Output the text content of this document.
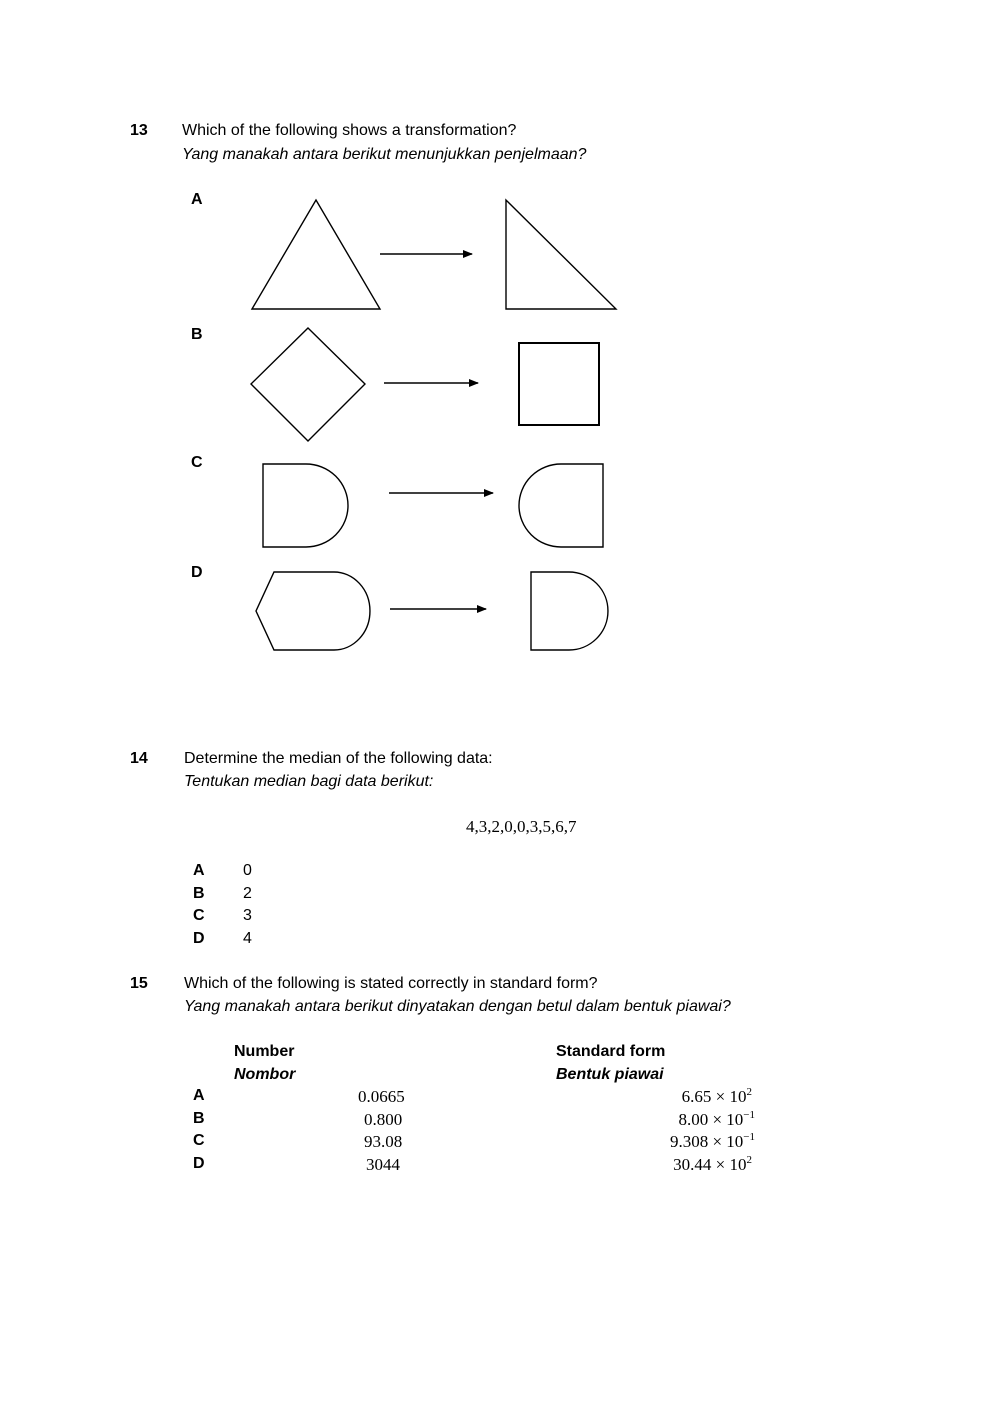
13 Which of the following shows a transformation?
Yang manakah antara berikut menunjukkan penjelmaan?
A
B
C
D
14 Determine the median of the following data:
Tentukan median bagi data berikut:
4,3,2,0,0,3,5,6,7
A 0
B 2
C 3
D 4
15 Which of the following is stated correctly in standard form?
Yang manakah antara berikut dinyatakan dengan betul dalam bentuk piawai?
Number
Nombor
Standard form
Bentuk piawai
A	0.0665	$6.65 \times 10^2$
B	0.800	$8.00 \times 10^{-1}$
C	93.08	$9.308 \times 10^{-1}$
D	3044	$30.44 \times 10^2$
